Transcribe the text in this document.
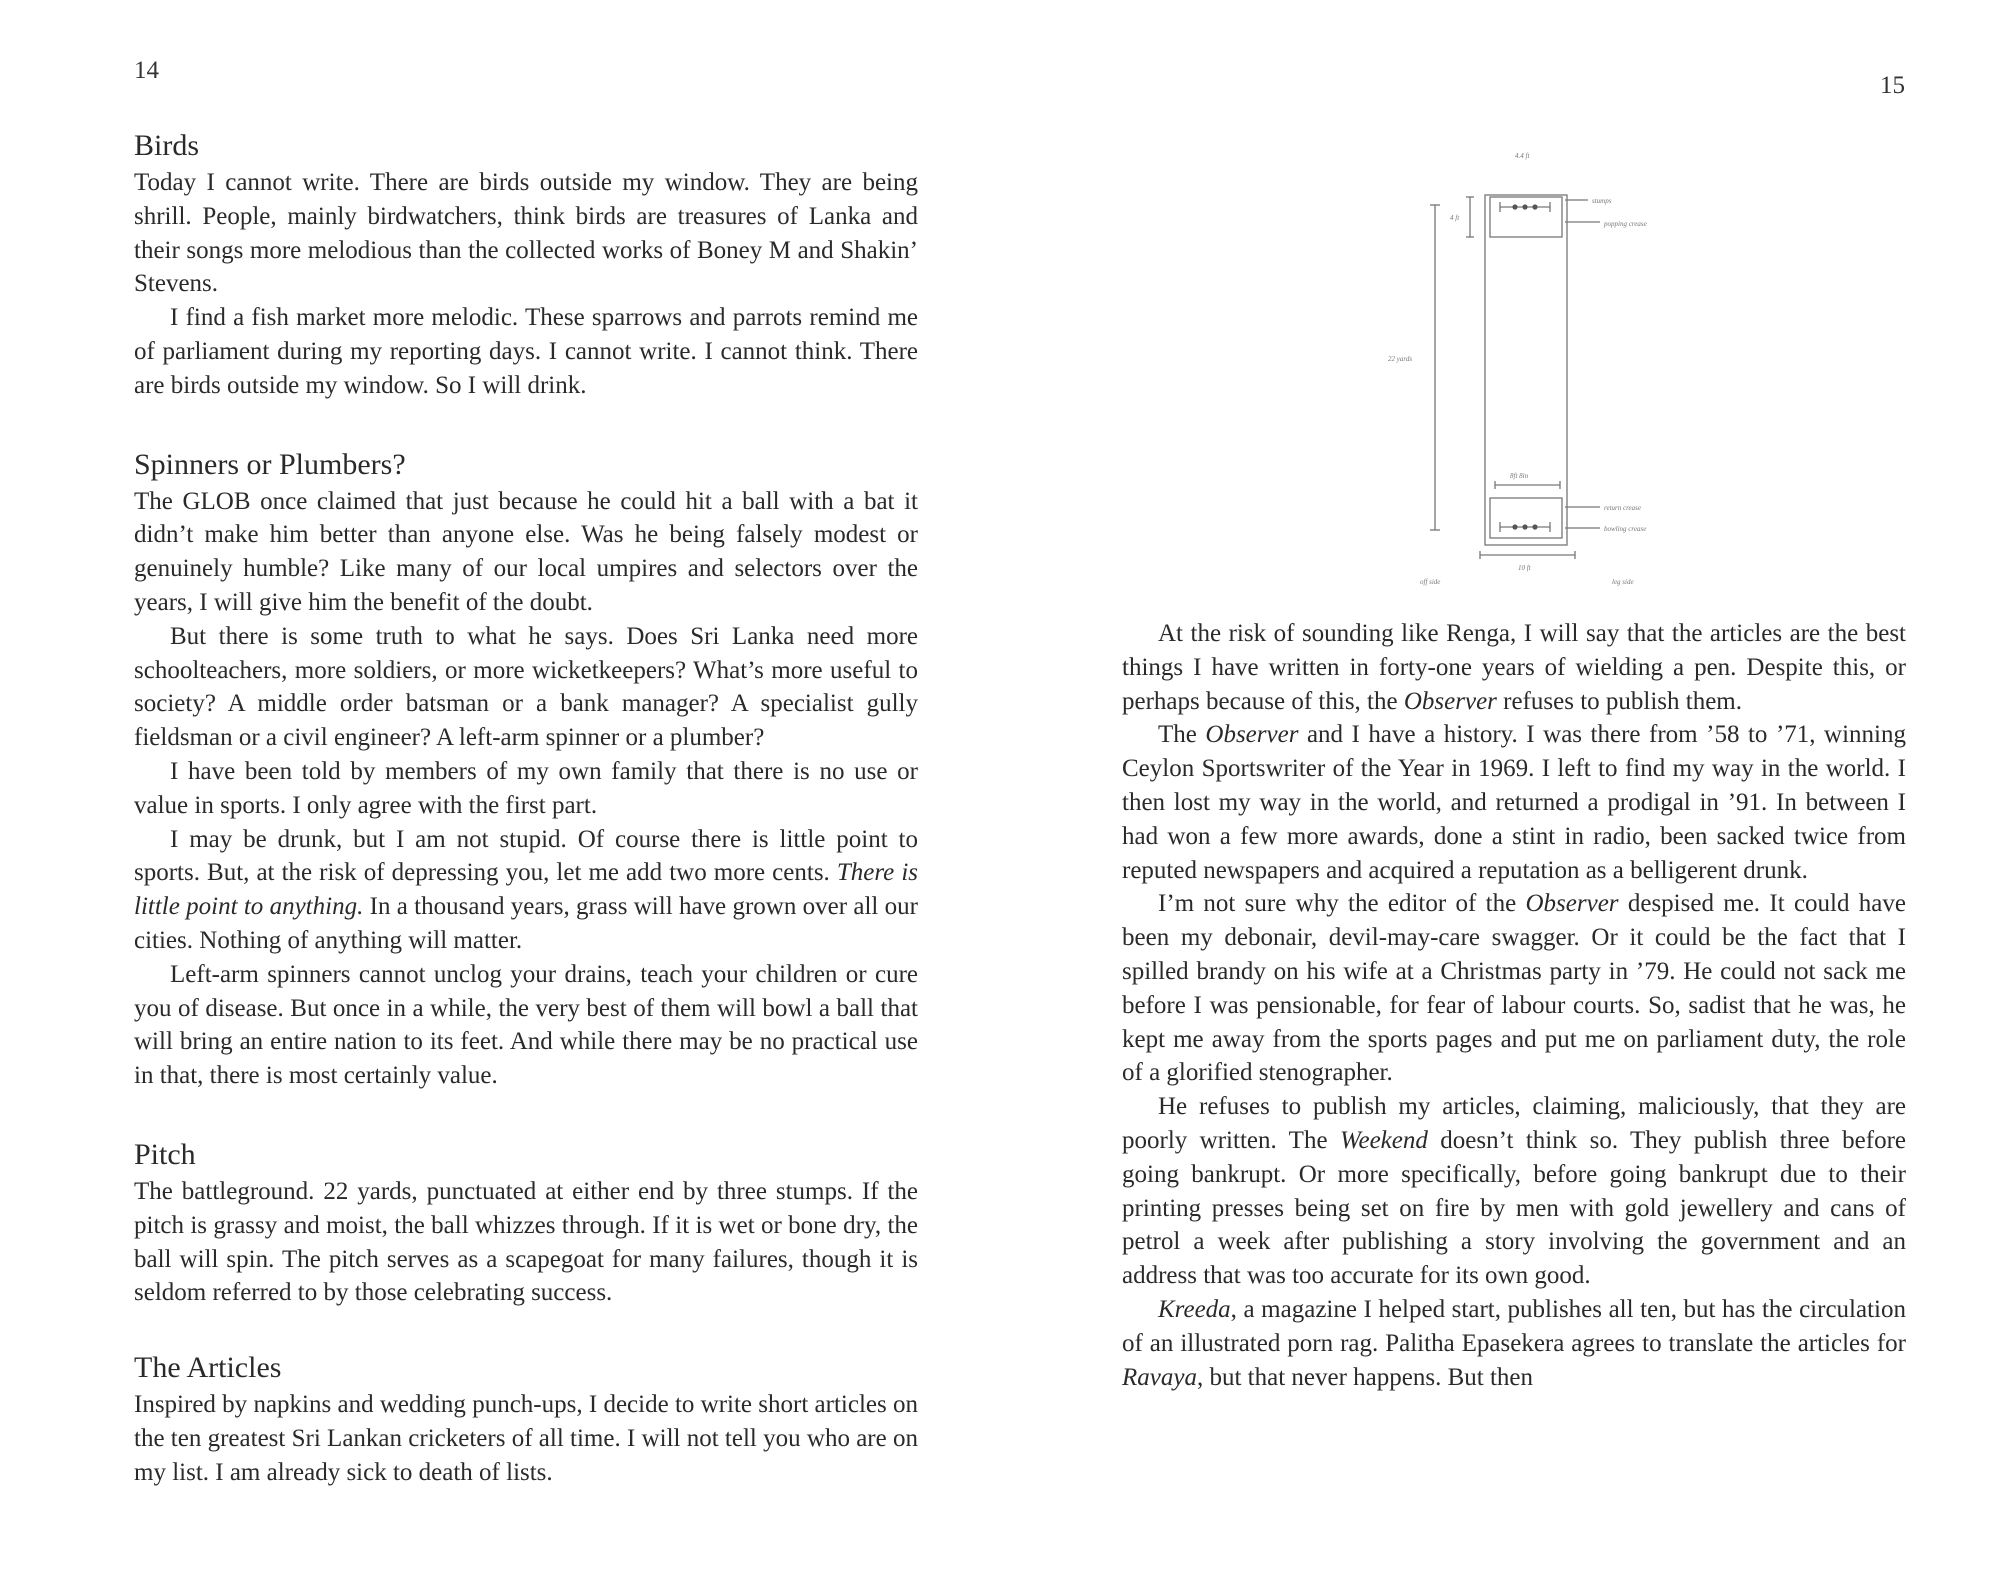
14
Birds

Today I cannot write. There are birds outside my window. They are being shrill. People, mainly birdwatchers, think birds are treasures of Lanka and their songs more melodious than the collected works of Boney M and Shakin’ Stevens.

I find a fish market more melodic. These sparrows and parrots remind me of parliament during my reporting days. I cannot write. I cannot think. There are birds outside my window. So I will drink.

Spinners or Plumbers?

The GLOB once claimed that just because he could hit a ball with a bat it didn’t make him better than anyone else. Was he being falsely modest or genuinely humble? Like many of our local umpires and selectors over the years, I will give him the benefit of the doubt.

But there is some truth to what he says. Does Sri Lanka need more schoolteachers, more soldiers, or more wicketkeepers? What’s more useful to society? A middle order batsman or a bank manager? A specialist gully fieldsman or a civil engineer? A left-arm spinner or a plumber?

I have been told by members of my own family that there is no use or value in sports. I only agree with the first part.

I may be drunk, but I am not stupid. Of course there is little point to sports. But, at the risk of depressing you, let me add two more cents. There is little point to anything. In a thousand years, grass will have grown over all our cities. Nothing of anything will matter.

Left-arm spinners cannot unclog your drains, teach your children or cure you of disease. But once in a while, the very best of them will bowl a ball that will bring an entire nation to its feet. And while there may be no practical use in that, there is most certainly value.

Pitch

The battleground. 22 yards, punctuated at either end by three stumps. If the pitch is grassy and moist, the ball whizzes through. If it is wet or bone dry, the ball will spin. The pitch serves as a scapegoat for many failures, though it is seldom referred to by those celebrating success.

The Articles

Inspired by napkins and wedding punch-ups, I decide to write short articles on the ten greatest Sri Lankan cricketers of all time. I will not tell you who are on my list. I am already sick to death of lists.

15
4.4 ft
stumps
popping crease
4 ft
22 yards
8ft 8in
return crease
bowling crease
10 ft
off side	leg side

At the risk of sounding like Renga, I will say that the articles are the best things I have written in forty-one years of wielding a pen. Despite this, or perhaps because of this, the Observer refuses to publish them.

The Observer and I have a history. I was there from ’58 to ’71, winning Ceylon Sportswriter of the Year in 1969. I left to find my way in the world. I then lost my way in the world, and returned a prodigal in ’91. In between I had won a few more awards, done a stint in radio, been sacked twice from reputed newspapers and acquired a reputation as a belligerent drunk.

I’m not sure why the editor of the Observer despised me. It could have been my debonair, devil-may-care swagger. Or it could be the fact that I spilled brandy on his wife at a Christmas party in ’79. He could not sack me before I was pensionable, for fear of labour courts. So, sadist that he was, he kept me away from the sports pages and put me on parliament duty, the role of a glorified stenographer.

He refuses to publish my articles, claiming, maliciously, that they are poorly written. The Weekend doesn’t think so. They publish three before going bankrupt. Or more specifically, before going bankrupt due to their printing presses being set on fire by men with gold jewellery and cans of petrol a week after publishing a story involving the government and an address that was too accurate for its own good.

Kreeda, a magazine I helped start, publishes all ten, but has the circulation of an illustrated porn rag. Palitha Epasekera agrees to translate the articles for Ravaya, but that never happens. But then
